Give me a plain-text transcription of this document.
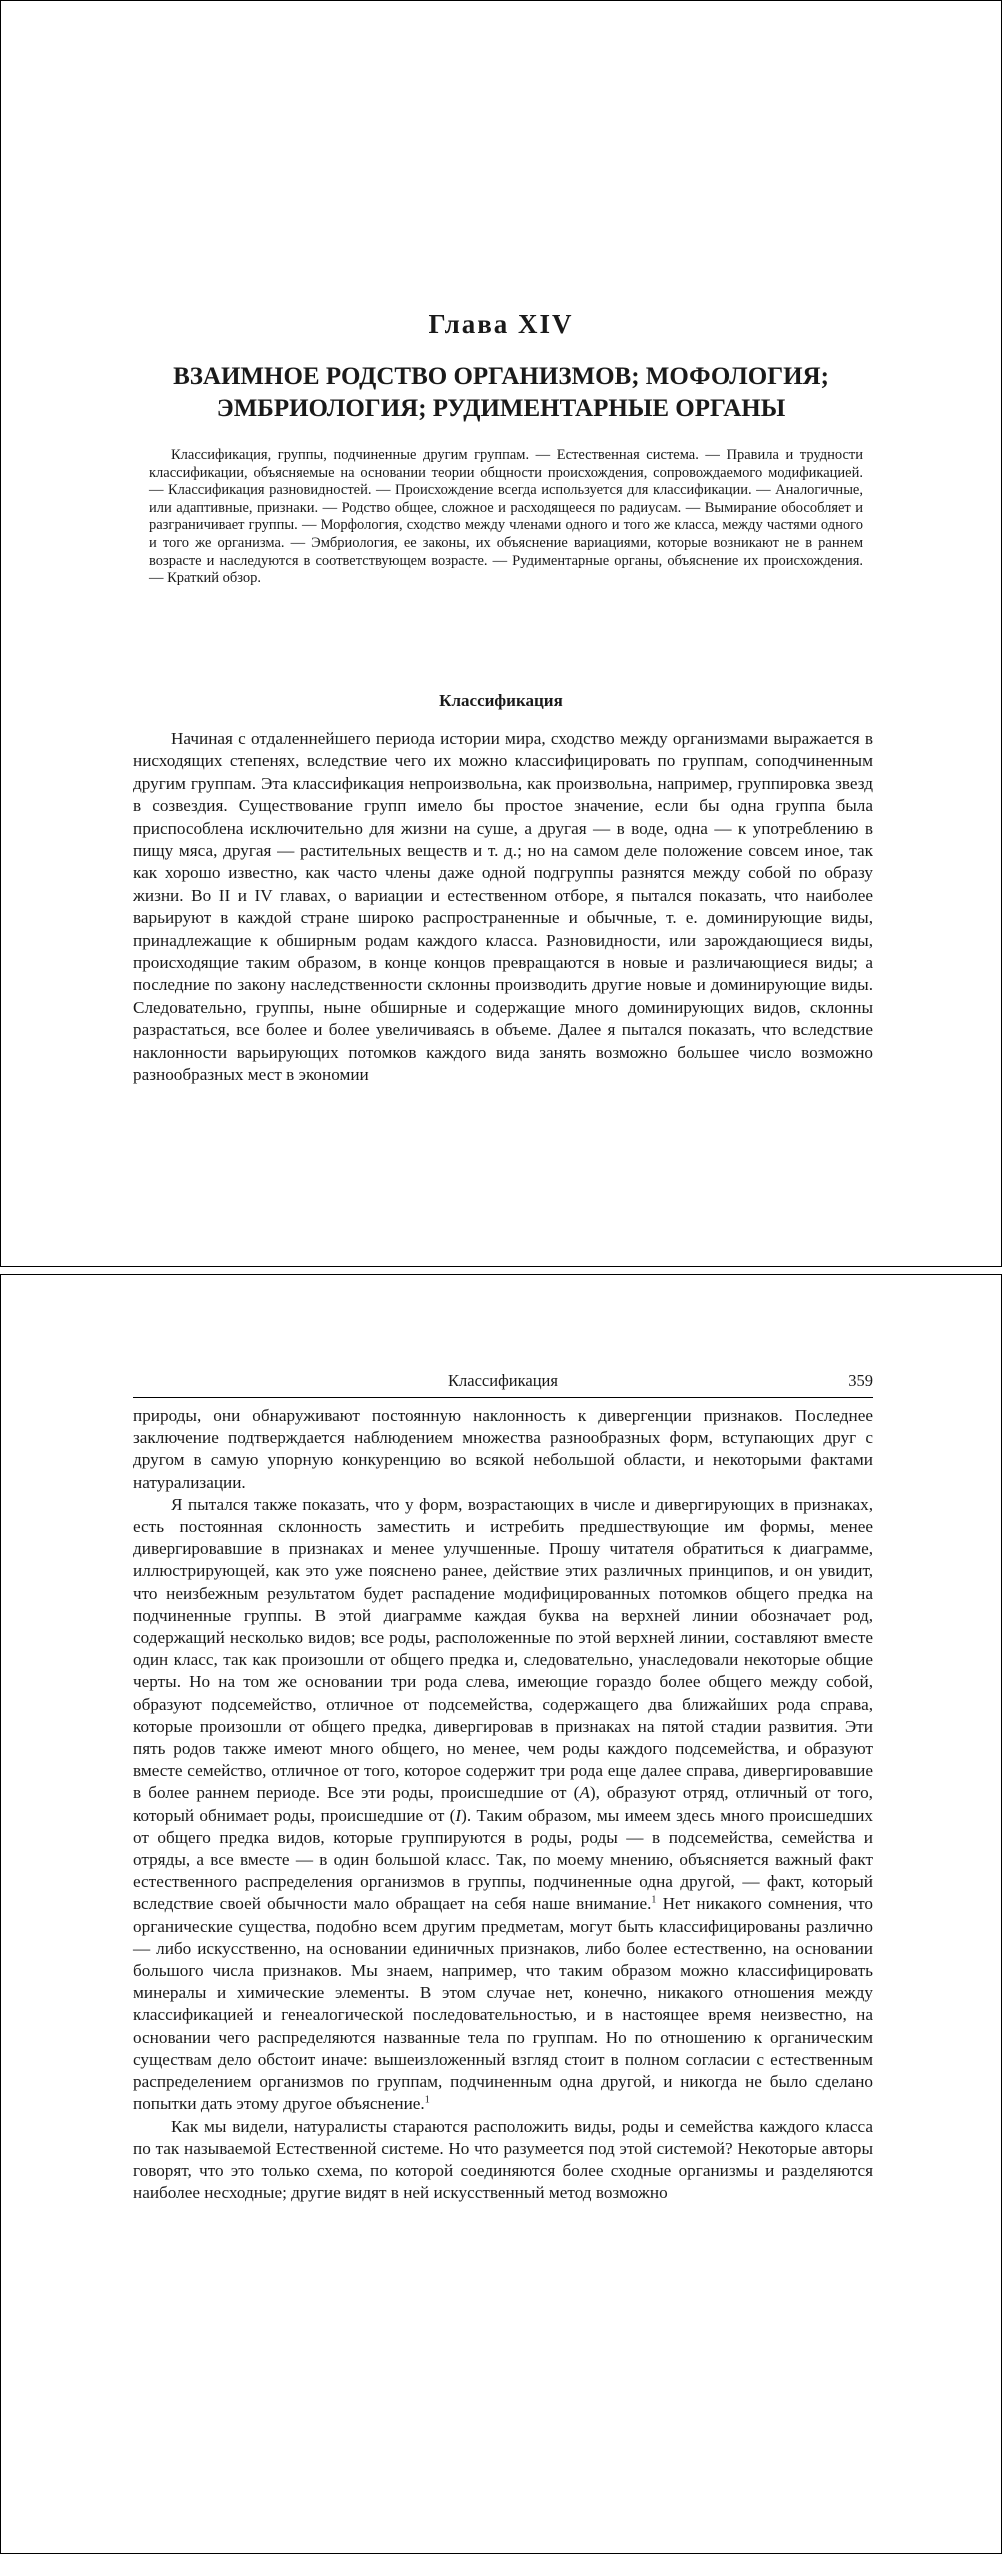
Глава XIV
ВЗАИМНОЕ РОДСТВО ОРГАНИЗМОВ; МОФОЛОГИЯ; ЭМБРИОЛОГИЯ; РУДИМЕНТАРНЫЕ ОРГАНЫ

Классификация, группы, подчиненные другим группам. — Естественная система. — Правила и трудности классификации, объясняемые на основании теории общности происхождения, сопровождаемого модификацией. — Классификация разновидностей. — Происхождение всегда используется для классификации. — Аналогичные, или адаптивные, признаки. — Родство общее, сложное и расходящееся по радиусам. — Вымирание обособляет и разграничивает группы. — Морфология, сходство между членами одного и того же класса, между частями одного и того же организма. — Эмбриология, ее законы, их объяснение вариациями, которые возникают не в раннем возрасте и наследуются в соответствующем возрасте. — Рудиментарные органы, объяснение их происхождения. — Краткий обзор.

Классификация

Начиная с отдаленнейшего периода истории мира, сходство между организмами выражается в нисходящих степенях, вследствие чего их можно классифицировать по группам, соподчиненным другим группам. Эта классификация непроизвольна, как произвольна, например, группировка звезд в созвездия. Существование групп имело бы простое значение, если бы одна группа была приспособлена исключительно для жизни на суше, а другая — в воде, одна — к употреблению в пищу мяса, другая — растительных веществ и т. д.; но на самом деле положение совсем иное, так как хорошо известно, как часто члены даже одной подгруппы разнятся между собой по образу жизни. Во II и IV главах, о вариации и естественном отборе, я пытался показать, что наиболее варьируют в каждой стране широко распространенные и обычные, т. е. доминирующие виды, принадлежащие к обширным родам каждого класса. Разновидности, или зарождающиеся виды, происходящие таким образом, в конце концов превращаются в новые и различающиеся виды; а последние по закону наследственности склонны производить другие новые и доминирующие виды. Следовательно, группы, ныне обширные и содержащие много доминирующих видов, склонны разрастаться, все более и более увеличиваясь в объеме. Далее я пытался показать, что вследствие наклонности варьирующих потомков каждого вида занять возможно большее число возможно разнообразных мест в экономии

Классификация	359

природы, они обнаруживают постоянную наклонность к дивергенции признаков. Последнее заключение подтверждается наблюдением множества разнообразных форм, вступающих друг с другом в самую упорную конкуренцию во всякой небольшой области, и некоторыми фактами натурализации.

Я пытался также показать, что у форм, возрастающих в числе и дивергирующих в признаках, есть постоянная склонность заместить и истребить предшествующие им формы, менее дивергировавшие в признаках и менее улучшенные. Прошу читателя обратиться к диаграмме, иллюстрирующей, как это уже пояснено ранее, действие этих различных принципов, и он увидит, что неизбежным результатом будет распадение модифицированных потомков общего предка на подчиненные группы. В этой диаграмме каждая буква на верхней линии обозначает род, содержащий несколько видов; все роды, расположенные по этой верхней линии, составляют вместе один класс, так как произошли от общего предка и, следовательно, унаследовали некоторые общие черты. Но на том же основании три рода слева, имеющие гораздо более общего между собой, образуют подсемейство, отличное от подсемейства, содержащего два ближайших рода справа, которые произошли от общего предка, дивергировав в признаках на пятой стадии развития. Эти пять родов также имеют много общего, но менее, чем роды каждого подсемейства, и образуют вместе семейство, отличное от того, которое содержит три рода еще далее справа, дивергировавшие в более раннем периоде. Все эти роды, происшедшие от (A), образуют отряд, отличный от того, который обнимает роды, происшедшие от (I). Таким образом, мы имеем здесь много происшедших от общего предка видов, которые группируются в роды, роды — в подсемейства, семейства и отряды, а все вместе — в один большой класс. Так, по моему мнению, объясняется важный факт естественного распределения организмов в группы, подчиненные одна другой, — факт, который вследствие своей обычности мало обращает на себя наше внимание.$^1$ Нет никакого сомнения, что органические существа, подобно всем другим предметам, могут быть классифицированы различно — либо искусственно, на основании единичных признаков, либо более естественно, на основании большого числа признаков. Мы знаем, например, что таким образом можно классифицировать минералы и химические элементы. В этом случае нет, конечно, никакого отношения между классификацией и генеалогической последовательностью, и в настоящее время неизвестно, на основании чего распределяются названные тела по группам. Но по отношению к органическим существам дело обстоит иначе: вышеизложенный взгляд стоит в полном согласии с естественным распределением организмов по группам, подчиненным одна другой, и никогда не было сделано попытки дать этому другое объяснение.$^1$

Как мы видели, натуралисты стараются расположить виды, роды и семейства каждого класса по так называемой Естественной системе. Но что разумеется под этой системой? Некоторые авторы говорят, что это только схема, по которой соединяются более сходные организмы и разделяются наиболее несходные; другие видят в ней искусственный метод возможно
